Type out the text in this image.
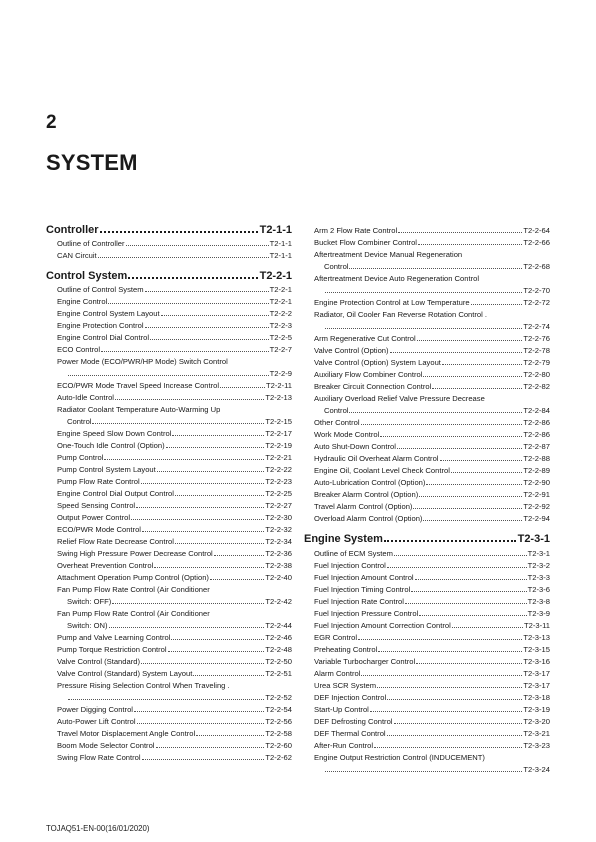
2
SYSTEM
Controller	T2-1-1
Outline of Controller	T2-1-1
CAN Circuit	T2-1-1
Control System	T2-2-1
Outline of Control System	T2-2-1
Engine Control	T2-2-1
Engine Control System Layout	T2-2-2
Engine Protection Control	T2-2-3
Engine Control Dial Control	T2-2-5
ECO Control	T2-2-7
Power Mode (ECO/PWR/HP Mode) Switch Control
T2-2-9
ECO/PWR Mode Travel Speed Increase Control	T2-2-11
Auto-Idle Control	T2-2-13
Radiator Coolant Temperature Auto-Warming Up
Control	T2-2-15
Engine Speed Slow Down Control	T2-2-17
One-Touch Idle Control (Option)	T2-2-19
Pump Control	T2-2-21
Pump Control System Layout	T2-2-22
Pump Flow Rate Control	T2-2-23
Engine Control Dial Output Control	T2-2-25
Speed Sensing Control	T2-2-27
Output Power Control	T2-2-30
ECO/PWR Mode Control	T2-2-32
Relief Flow Rate Decrease Control	T2-2-34
Swing High Pressure Power Decrease Control	T2-2-36
Overheat Prevention Control	T2-2-38
Attachment Operation Pump Control (Option)	T2-2-40
Fan Pump Flow Rate Control (Air Conditioner
Switch: OFF)	T2-2-42
Fan Pump Flow Rate Control (Air Conditioner
Switch: ON)	T2-2-44
Pump and Valve Learning Control	T2-2-46
Pump Torque Restriction Control	T2-2-48
Valve Control (Standard)	T2-2-50
Valve Control (Standard) System Layout	T2-2-51
Pressure Rising Selection Control When Traveling .
T2-2-52
Power Digging Control	T2-2-54
Auto-Power Lift Control	T2-2-56
Travel Motor Displacement Angle Control	T2-2-58
Boom Mode Selector Control	T2-2-60
Swing Flow Rate Control	T2-2-62
Arm 2 Flow Rate Control	T2-2-64
Bucket Flow Combiner Control	T2-2-66
Aftertreatment Device Manual Regeneration
Control	T2-2-68
Aftertreatment Device Auto Regeneration Control
T2-2-70
Engine Protection Control at Low Temperature	T2-2-72
Radiator, Oil Cooler Fan Reverse Rotation Control .
T2-2-74
Arm Regenerative Cut Control	T2-2-76
Valve Control (Option)	T2-2-78
Valve Control (Option) System Layout	T2-2-79
Auxiliary Flow Combiner Control	T2-2-80
Breaker Circuit Connection Control	T2-2-82
Auxiliary Overload Relief Valve Pressure Decrease
Control	T2-2-84
Other Control	T2-2-86
Work Mode Control	T2-2-86
Auto Shut-Down Control	T2-2-87
Hydraulic Oil Overheat Alarm Control	T2-2-88
Engine Oil, Coolant Level Check Control	T2-2-89
Auto-Lubrication Control (Option)	T2-2-90
Breaker Alarm Control (Option)	T2-2-91
Travel Alarm Control (Option)	T2-2-92
Overload Alarm Control (Option)	T2-2-94
Engine System	T2-3-1
Outline of ECM System	T2-3-1
Fuel Injection Control	T2-3-2
Fuel Injection Amount Control	T2-3-3
Fuel Injection Timing Control	T2-3-6
Fuel Injection Rate Control	T2-3-8
Fuel Injection Pressure Control	T2-3-9
Fuel Injection Amount Correction Control	T2-3-11
EGR Control	T2-3-13
Preheating Control	T2-3-15
Variable Turbocharger Control	T2-3-16
Alarm Control	T2-3-17
Urea SCR System	T2-3-17
DEF Injection Control	T2-3-18
Start-Up Control	T2-3-19
DEF Defrosting Control	T2-3-20
DEF Thermal Control	T2-3-21
After-Run Control	T2-3-23
Engine Output Restriction Control (INDUCEMENT)
T2-3-24

TOJAQ51-EN-00(16/01/2020)
